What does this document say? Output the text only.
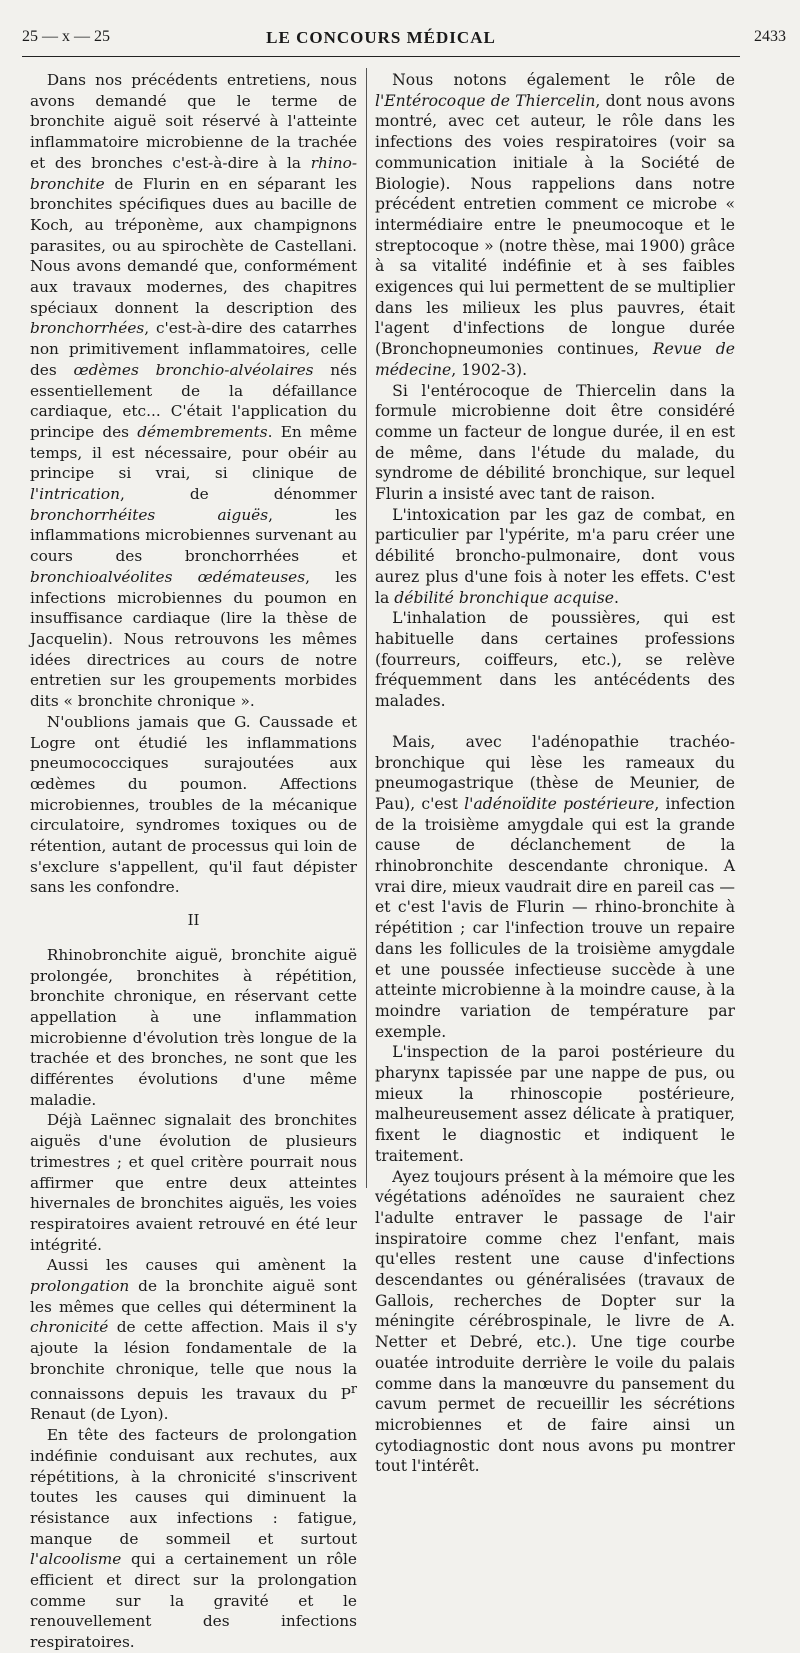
25 — x — 25	LE CONCOURS MÉDICAL	2433

Dans nos précédents entretiens, nous avons demandé que le terme de bronchite aiguë soit réservé à l'atteinte inflammatoire microbienne de la trachée et des bronches c'est-à-dire à la rhino-bronchite de Flurin en en séparant les bronchites spécifiques dues au bacille de Koch, au tréponème, aux champignons parasites, ou au spirochète de Castellani. Nous avons demandé que, conformément aux travaux modernes, des chapitres spéciaux donnent la description des bronchorrhées, c'est-à-dire des catarrhes non primitivement inflammatoires, celle des œdèmes bronchio-alvéolaires nés essentiellement de la défaillance cardiaque, etc... C'était l'application du principe des démembrements. En même temps, il est nécessaire, pour obéir au principe si vrai, si clinique de l'intrication, de dénommer bronchorrhéites aiguës, les inflammations microbiennes survenant au cours des bronchorrhées et bronchioalvéolites œdémateuses, les infections microbiennes du poumon en insuffisance cardiaque (lire la thèse de Jacquelin). Nous retrouvons les mêmes idées directrices au cours de notre entretien sur les groupements morbides dits « bronchite chronique ».

N'oublions jamais que G. Caussade et Logre ont étudié les inflammations pneumococciques surajoutées aux œdèmes du poumon. Affections microbiennes, troubles de la mécanique circulatoire, syndromes toxiques ou de rétention, autant de processus qui loin de s'exclure s'appellent, qu'il faut dépister sans les confondre.

II

Rhinobronchite aiguë, bronchite aiguë prolongée, bronchites à répétition, bronchite chronique, en réservant cette appellation à une inflammation microbienne d'évolution très longue de la trachée et des bronches, ne sont que les différentes évolutions d'une même maladie.

Déjà Laënnec signalait des bronchites aiguës d'une évolution de plusieurs trimestres ; et quel critère pourrait nous affirmer que entre deux atteintes hivernales de bronchites aiguës, les voies respiratoires avaient retrouvé en été leur intégrité.

Aussi les causes qui amènent la prolongation de la bronchite aiguë sont les mêmes que celles qui déterminent la chronicité de cette affection. Mais il s'y ajoute la lésion fondamentale de la bronchite chronique, telle que nous la connaissons depuis les travaux du $P^r$ Renaut (de Lyon).

En tête des facteurs de prolongation indéfinie conduisant aux rechutes, aux répétitions, à la chronicité s'inscrivent toutes les causes qui diminuent la résistance aux infections : fatigue, manque de sommeil et surtout l'alcoolisme qui a certainement un rôle efficient et direct sur la prolongation comme sur la gravité et le renouvellement des infections respiratoires.

Nous notons également le rôle de l'Entérocoque de Thiercelin, dont nous avons montré, avec cet auteur, le rôle dans les infections des voies respiratoires (voir sa communication initiale à la Société de Biologie). Nous rappelions dans notre précédent entretien comment ce microbe « intermédiaire entre le pneumocoque et le streptocoque » (notre thèse, mai 1900) grâce à sa vitalité indéfinie et à ses faibles exigences qui lui permettent de se multiplier dans les milieux les plus pauvres, était l'agent d'infections de longue durée (Bronchopneumonies continues, Revue de médecine, 1902-3).

Si l'entérocoque de Thiercelin dans la formule microbienne doit être considéré comme un facteur de longue durée, il en est de même, dans l'étude du malade, du syndrome de débilité bronchique, sur lequel Flurin a insisté avec tant de raison.

L'intoxication par les gaz de combat, en particulier par l'ypérite, m'a paru créer une débilité broncho-pulmonaire, dont vous aurez plus d'une fois à noter les effets. C'est la débilité bronchique acquise.

L'inhalation de poussières, qui est habituelle dans certaines professions (fourreurs, coiffeurs, etc.), se relève fréquemment dans les antécédents des malades.

Mais, avec l'adénopathie trachéo-bronchique qui lèse les rameaux du pneumogastrique (thèse de Meunier, de Pau), c'est l'adénoïdite postérieure, infection de la troisième amygdale qui est la grande cause de déclanchement de la rhinobronchite descendante chronique. A vrai dire, mieux vaudrait dire en pareil cas — et c'est l'avis de Flurin — rhino-bronchite à répétition ; car l'infection trouve un repaire dans les follicules de la troisième amygdale et une poussée infectieuse succède à une atteinte microbienne à la moindre cause, à la moindre variation de température par exemple.

L'inspection de la paroi postérieure du pharynx tapissée par une nappe de pus, ou mieux la rhinoscopie postérieure, malheureusement assez délicate à pratiquer, fixent le diagnostic et indiquent le traitement.

Ayez toujours présent à la mémoire que les végétations adénoïdes ne sauraient chez l'adulte entraver le passage de l'air inspiratoire comme chez l'enfant, mais qu'elles restent une cause d'infections descendantes ou généralisées (travaux de Gallois, recherches de Dopter sur la méningite cérébrospinale, le livre de A. Netter et Debré, etc.). Une tige courbe ouatée introduite derrière le voile du palais comme dans la manœuvre du pansement du cavum permet de recueillir les sécrétions microbiennes et de faire ainsi un cytodiagnostic dont nous avons pu montrer tout l'intérêt.
